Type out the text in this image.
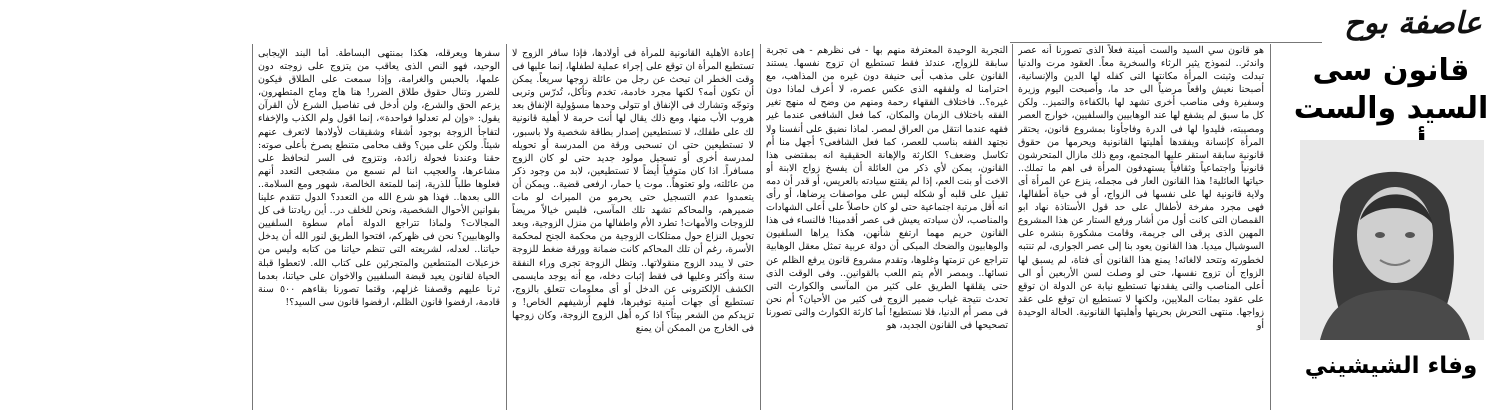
عاصفة بوح
قانون سى السيد والست
وفاء الشيشيني

هو قانون سي السيد والست أمينة فعلاً الذى تصورنا أنه عصر واندثر.. لنموذج يثير الرثاء والسخرية معاً. العقود مرت والدنيا تبدلت وثبتت المرأة مكانتها التى كفله لها الدين والإنسانية، أصبحنا نعيش واقعاً مرضياً الى حد ما، وأصبحت اليوم وزيرة وسفيرة وفى مناصب أخرى تشهد لها بالكفاءة والتميز.. ولكن كل ما سبق لم يشفع لها عند الوهابيين والسلفيين، خوارج العصر ومصيبته، فليدوا لها فى الدرة وفاجأونا بمشروع قانون، يحتقر المرأة كإنسانة ويفقدها أهليتها القانونية ويحرمها من حقوق قانونية سابقة استقر عليها المجتمع، ومع ذلك مازال المتحرشون قانونياً واجتماعياً وثقافياً يستهدفون المرأة فى اهم ما تملك.. حياتها العائلية! هذا القانون العار فى مجمله، ينزع عن المرأة أى ولاية قانونية لها على نفسها فى الزواج، أو فى حياة أطفالها، فهى مجرد مفرخة لأطفال على حد قول الأستاذة نهاد ابو القمصان التى كانت أول من أشار ورفع الستار عن هذا المشروع المهين الذى يرقى الى جريمة، وقامت مشكورة بنشره على السوشيال ميديا. هذا القانون يعود بنا إلى عصر الجوارى، لم تنتبه لخطورته وتتحد لالغائه! يمنع هذا القانون أى فتاة، لم يسبق لها الزواج أن تزوج نفسها، حتى لو وصلت لسن الأربعين أو الى أعلى المناصب والتى يفقدنها تستطيع نيابة عن الدولة ان توقع على عقود بمئات الملايين، ولكنها لا تستطيع ان توقع على عقد زواجها. منتهى التحرش بحريتها وأهليتها القانونية. الحالة الوحيدة أو

التجربة الوحيدة المعترفة منهم بها - فى نظرهم - هى تجربة سابقة للزواج، عندئذ فقط تستطيع ان تزوج نفسها. يستند القانون على مذهب أبى حنيفة دون غيره من المذاهب، مع احترامنا له ولفقهه الذى عكس عصره، لا أعرف لماذا دون غيره؟.. فاختلاف الفقهاء رحمة ومنهم من وضح له منهج تغير الفقه باختلاف الزمان والمكان، كما فعل الشافعى عندما غير فقهه عندما انتقل من العراق لمصر. لماذا نضيق على أنفسنا ولا نجتهد الفقه بناسب للعصر، كما فعل الشافعى؟ أجهل منا أم تكاسل وضعف؟ الكارثة والإهانة الحقيقية انه بمقتضى هذا القانون، يمكن لأي ذكر من العائلة أن يفسخ زواج الابنة أو الاخت أو بنت العم، إذا لم يقتنع سيادته بالعريس، أو قدر أن دمه ثقيل على قلبه أو شكله ليس على مواصفات يرضاها، أو رأى انه أقل مرتبة اجتماعية حتى لو كان حاصلاً على أعلى الشهادات والمناصب، لأن سيادته يعيش فى عصر أقدمينا! فالنساء فى هذا القانون حريم مهما ارتفع شأنهن، هكذا يراها السلفيون والوهابيون والضحك المبكى أن دولة عربية تمثل معقل الوهابية تتراجع عن تزمتها وغلوها، وتقدم مشروع قانون يرفع الظلم عن نسائها.. وبمصر الأم يتم اللعب بالقوانين.. وفى الوقت الذى حتى يقلقها الطريق على كثير من المآسى والكوارث التى تحدث نتيجة غياب ضمير الزوج فى كثير من الأحيان؟ أم نحن فى مصر أم الدنيا، فلا نستطيع! أما كارثة الكوارث والتى تصورنا تصحيحها فى القانون الجديد، هو

إعادة الأهلية القانونية للمرأة فى أولادها، فإذا سافر الزوج لا تستطيع المرأة ان توقع على إجراء عملية لطفلها، إنما عليها فى وقت الخطر ان تبحث عن رجل من عائلة زوجها سريعاً. يمكن أن تكون أمه؟ لكنها مجرد خادمة، تخدم وتأكل، تُدرّس وتربى وتوجّه وتشارك فى الإنفاق او تتولى وحدها مسؤولية الإنفاق بعد هروب الأب منها، ومع ذلك يقال لها أنت حرمة لا أهلية قانونية لك على طفلك، لا تستطيعين إصدار بطاقة شخصية ولا باسبور، لا تستطيعين حتى ان تسحبى ورقة من المدرسة أو تحويله لمدرسة أخرى أو تسجيل مولود جديد حتى لو كان الزوج مسافراً. اذا كان متوفياً أيضاً لا تستطيعين، لابد من وجود ذكر من عائلته، ولو تعتوهاً.. موت يا حمار، ارفعى قضية.. ويمكن أن يتعمدوا عدم التسجيل حتى يحرمو من الميراث لو مات ضميرهم، والمحاكم تشهد تلك المآسى، فليس خيالاً مريضاً للزوجات والأمهات! تطرد الأم واطفالها من منزل الزوجية، وبعد تحويل النزاع حول ممتلكات الزوجية من محكمة الجنح لمحكمة الأسرة، رغم أن تلك المحاكم كانت ضمانة وورقة ضغط للزوجة حتى لا يبدد الزوج منقولاتها.. وتظل الزوجة تجرى وراء النفقة سنة وأكثر وعليها فى فقط إثبات دخله، مع أنه يوجد مايسمى الكشف الإلكترونى عن الدخل أو أى معلومات تتعلق بالزوج، تستطيع أى جهات أمنية توفيرها، فلهم أرشيفهم الخاص! و تزيدكم من الشعر بيتاً؟ اذا كره أهل الزوج الزوجة، وكان زوجها فى الخارج من الممكن أن يمنع

سفرها ويعرقله، هكذا بمنتهى البساطة. أما البند الإيجابى الوحيد، فهو النص الذى يعاقب من يتزوج على زوجته دون علمها، بالحبس والغرامة، وإذا سمعت على الطلاق فيكون للضرر وتنال حقوق طلاق الضرر! هنا هاج وماج المتطهرون، يزعم الحق والشرع، ولن أدخل فى تفاصيل الشرع لأن القرآن يقول: «وإن لم تعدلوا فواحدة»، إنما اقول ولم الكذب والإخفاء لتفاجأ الزوجة بوجود أشقاء وشقيقات لأولادها لاتعرف عنهم شيئاً. ولكن على مين؟ وقف محامى متنطع يصرخ بأعلى صوته: حقنا وعندنا فحولة زائدة، ونتزوج فى السر لنحافظ على مشاعرها، والعجيب اننا لم نسمع من مشجعى التعدد أنهم فعلوها طلباً للذرية، إنما للمتعة الخالصة، شهور ومع السلامة.. اللى بعدها.. فهذا هو شرع الله من التعدد؟ الدول تتقدم علينا بقوانين الأحوال الشخصية، ونحن للخلف در.. أين ريادتنا فى كل المجالات؟ ولماذا تتراجع الدولة أمام سطوة السلفيين والوهابيين؟ نحن فى ظهركم، افتحوا الطريق لنور الله أن يدخل حياتنا.. لعدله، لشريعته التى تنظم حياتنا من كتابه وليس من خزعبلات المتنطعين والمتجرئين على كتاب الله. لاتعطوا قبلة الحياة لقانون يعيد قبضة السلفيين والاخوان على حياتنا، بعدما ثرنا عليهم وقصفنا غزلهم، وقتما تصورنا بقاءهم ٥٠٠ سنة قادمة، ارفضوا قانون الظلم، ارفضوا قانون سى السيد؟!
